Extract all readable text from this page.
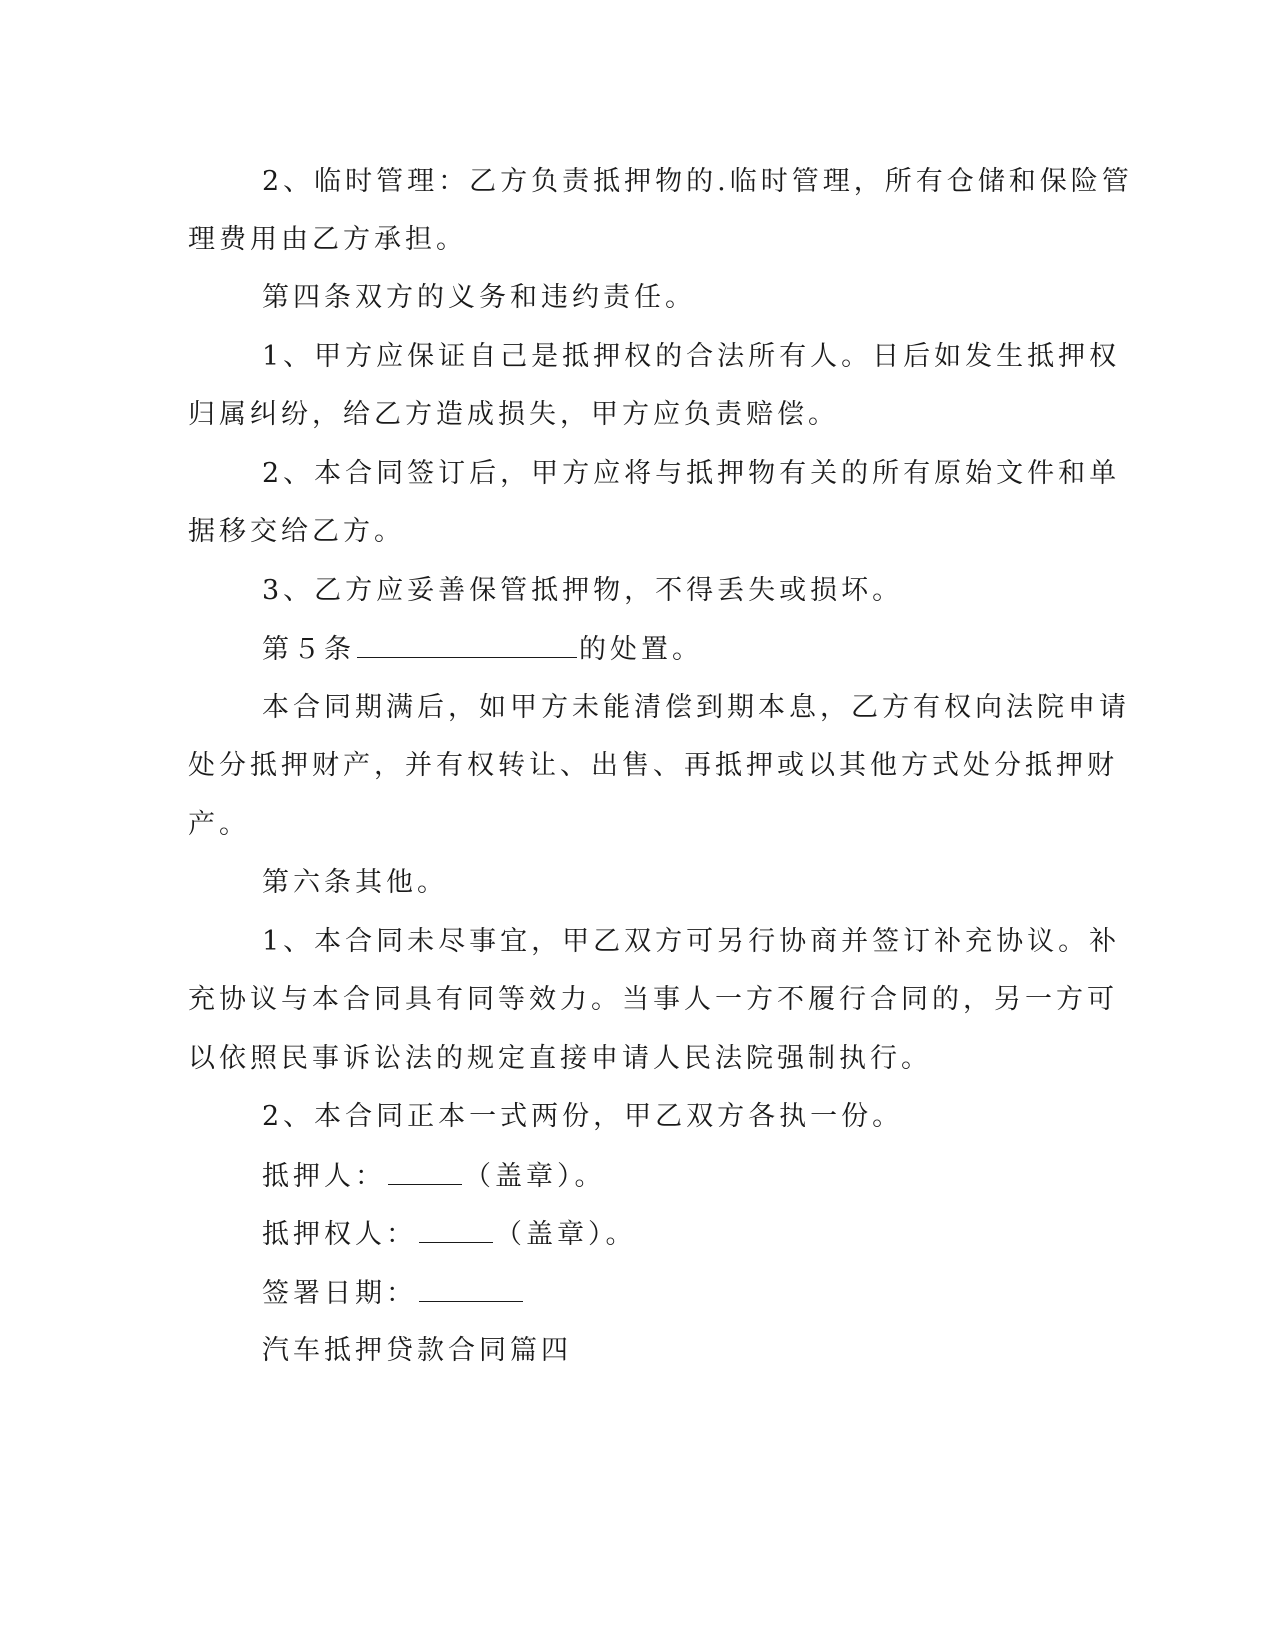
2、临时管理：乙方负责抵押物的.临时管理，所有仓储和保险管
理费用由乙方承担。
第四条双方的义务和违约责任。
1、甲方应保证自己是抵押权的合法所有人。日后如发生抵押权
归属纠纷，给乙方造成损失，甲方应负责赔偿。
2、本合同签订后，甲方应将与抵押物有关的所有原始文件和单
据移交给乙方。
3、乙方应妥善保管抵押物，不得丢失或损坏。
第５条	的处置。
本合同期满后，如甲方未能清偿到期本息，乙方有权向法院申请
处分抵押财产，并有权转让、出售、再抵押或以其他方式处分抵押财
产。
第六条其他。
1、本合同未尽事宜，甲乙双方可另行协商并签订补充协议。补
充协议与本合同具有同等效力。当事人一方不履行合同的，另一方可
以依照民事诉讼法的规定直接申请人民法院强制执行。
2、本合同正本一式两份，甲乙双方各执一份。
抵押人：	（盖章）。
抵押权人：	（盖章）。
签署日期：
汽车抵押贷款合同篇四
